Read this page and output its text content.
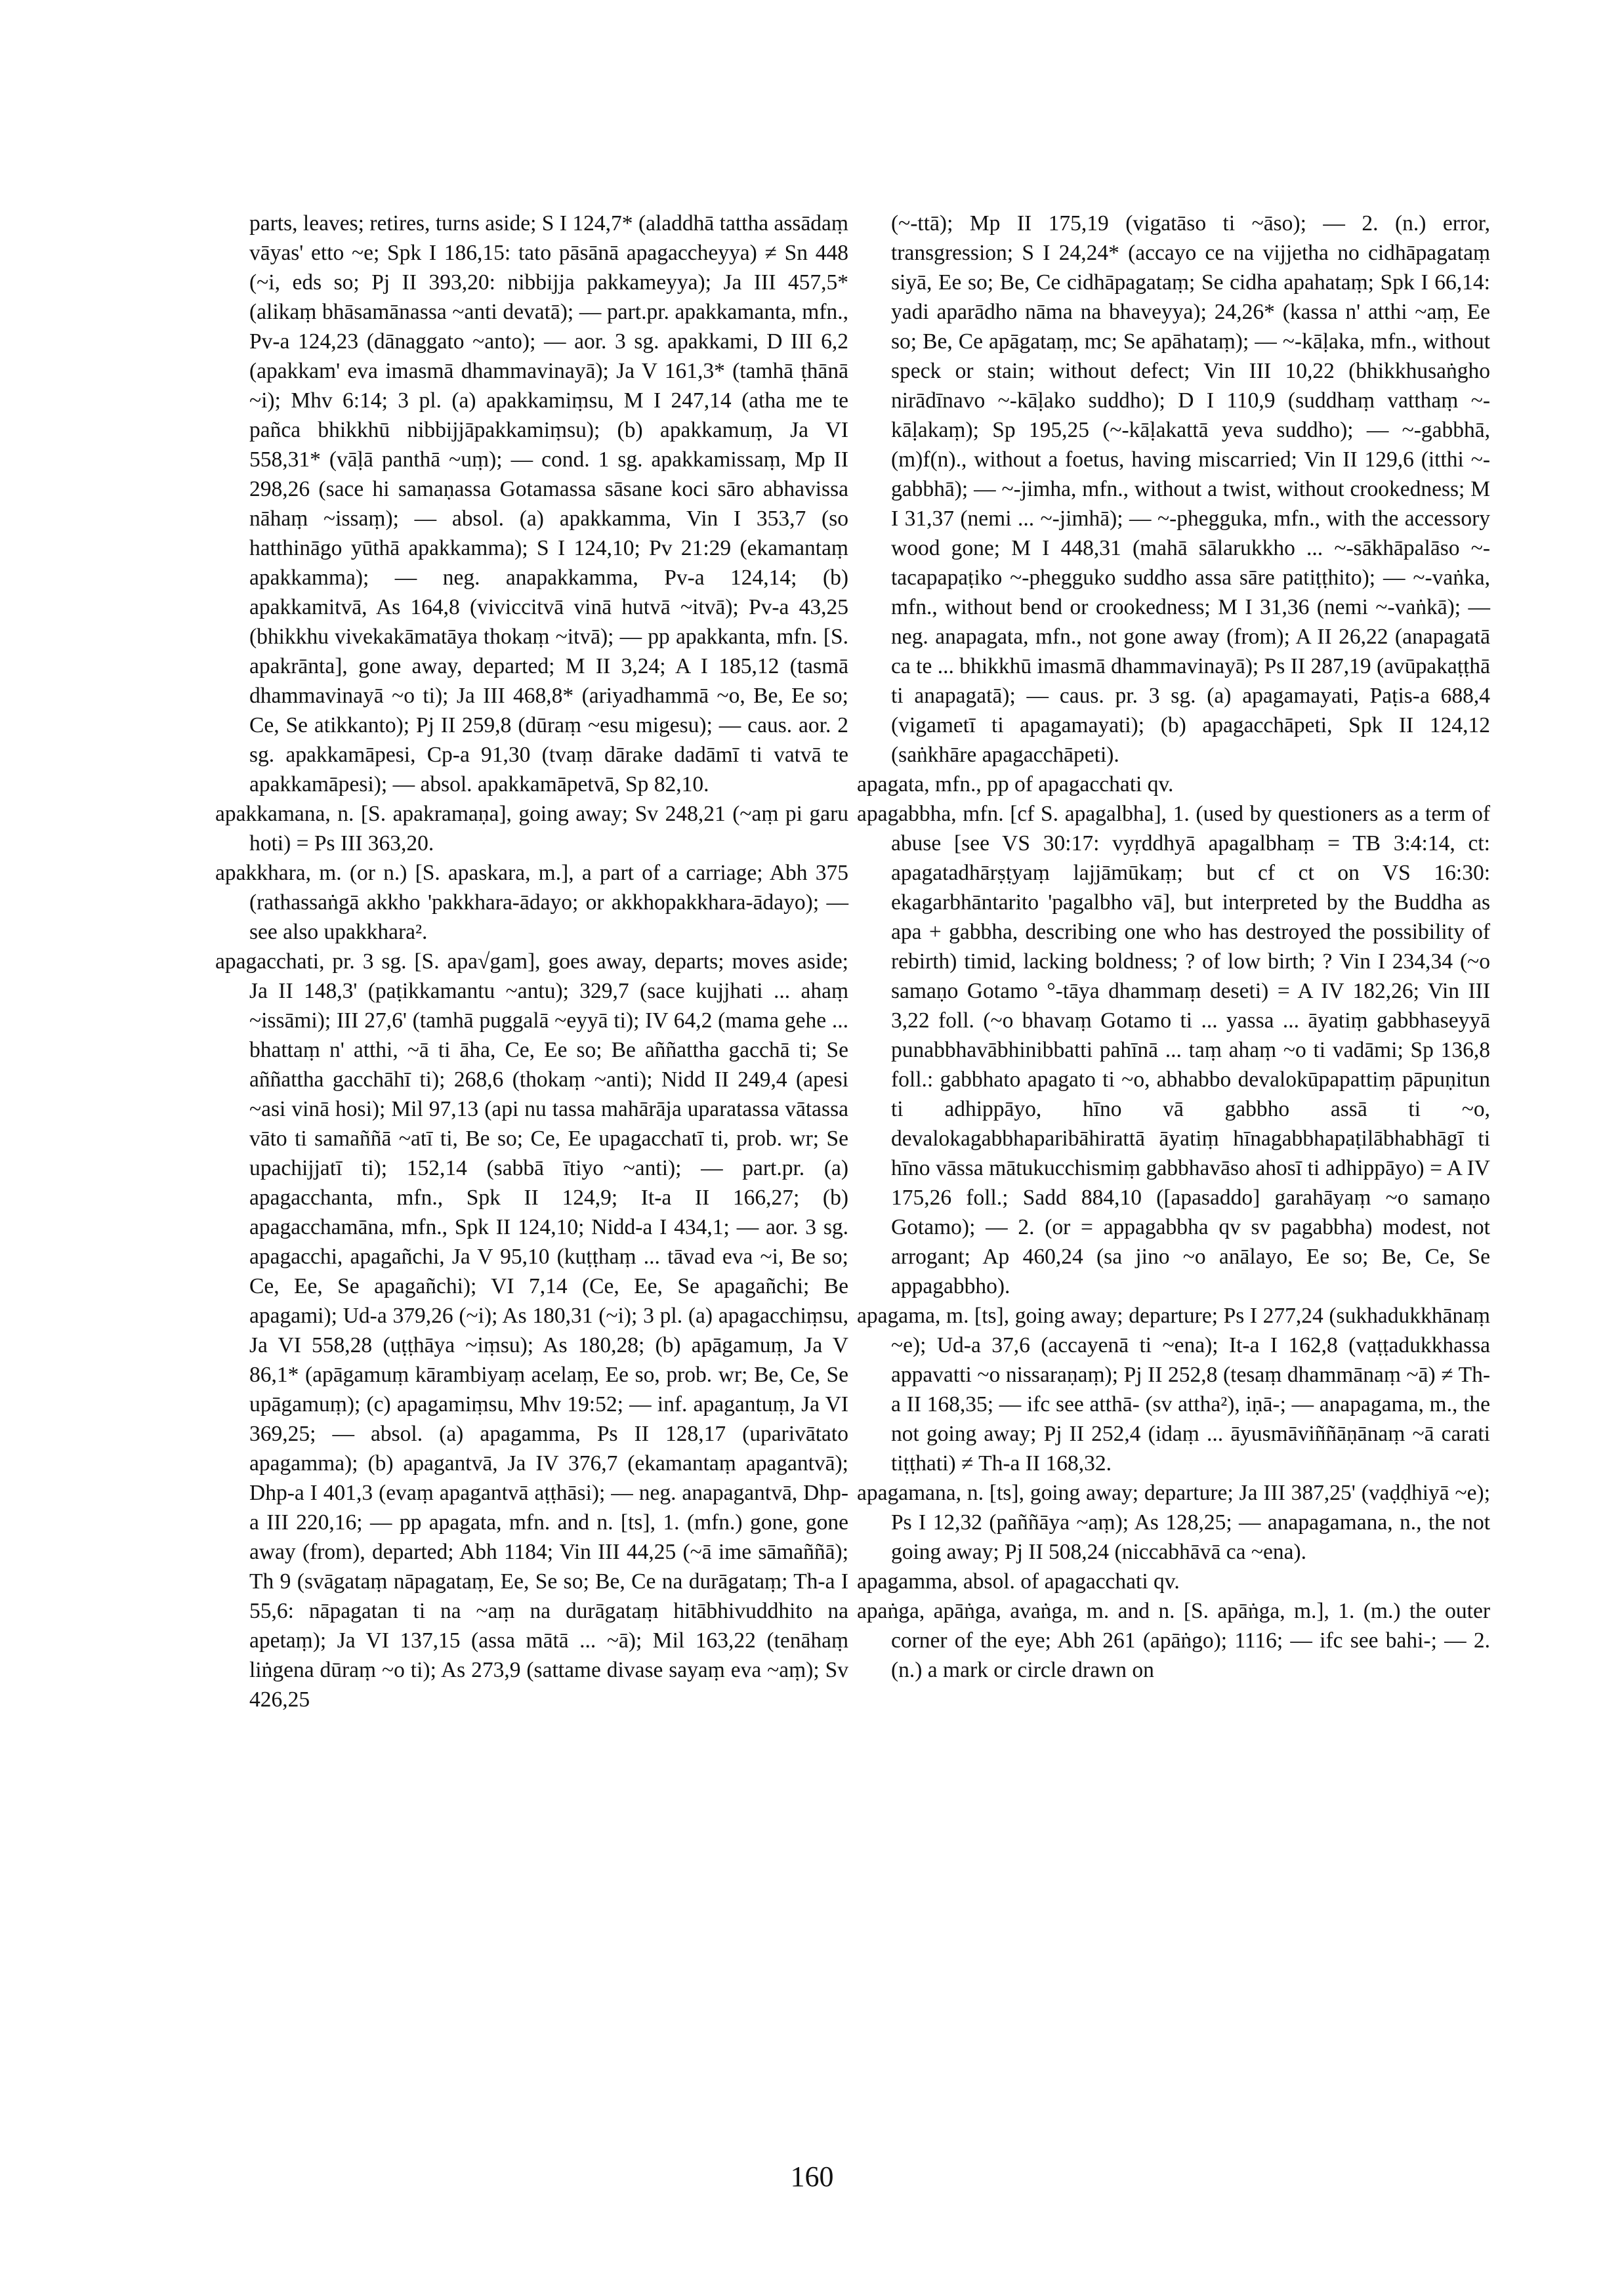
parts, leaves; retires, turns aside; S I 124,7* (aladdhā tattha assādaṃ vāyas' etto ~e; Spk I 186,15: tato pāsānā apagaccheyya) ≠ Sn 448 (~i, eds so; Pj II 393,20: nibbijja pakkameyya); Ja III 457,5* (alikaṃ bhāsamānassa ~anti devatā); — part.pr. apakkamanta, mfn., Pv-a 124,23 (dānaggato ~anto); — aor. 3 sg. apakkami, D III 6,2 (apakkam' eva imasmā dhammavinayā); Ja V 161,3* (tamhā ṭhānā ~i); Mhv 6:14; 3 pl. (a) apakkamiṃsu, M I 247,14 (atha me te pañca bhikkhū nibbijjāpakkamiṃsu); (b) apakkamuṃ, Ja VI 558,31* (vāḷā panthā ~uṃ); — cond. 1 sg. apakkamissaṃ, Mp II 298,26 (sace hi samaṇassa Gotamassa sāsane koci sāro abhavissa nāhaṃ ~issaṃ); — absol. (a) apakkamma, Vin I 353,7 (so hatthināgo yūthā apakkamma); S I 124,10; Pv 21:29 (ekamantaṃ apakkamma); — neg. anapakkamma, Pv-a 124,14; (b) apakkamitvā, As 164,8 (viviccitvā vinā hutvā ~itvā); Pv-a 43,25 (bhikkhu vivekakāmatāya thokaṃ ~itvā); — pp apakkanta, mfn. [S. apakrānta], gone away, departed; M II 3,24; A I 185,12 (tasmā dhammavinayā ~o ti); Ja III 468,8* (ariyadhammā ~o, Be, Ee so; Ce, Se atikkanto); Pj II 259,8 (dūraṃ ~esu migesu); — caus. aor. 2 sg. apakkamāpesi, Cp-a 91,30 (tvaṃ dārake dadāmī ti vatvā te apakkamāpesi); — absol. apakkamāpetvā, Sp 82,10.

apakkamana, n. [S. apakramaṇa], going away; Sv 248,21 (~aṃ pi garu hoti) = Ps III 363,20.

apakkhara, m. (or n.) [S. apaskara, m.], a part of a carriage; Abh 375 (rathassaṅgā akkho 'pakkhara-ādayo; or akkhopakkhara-ādayo); — see also upakkhara².

apagacchati, pr. 3 sg. [S. apa√gam], goes away, departs; moves aside; Ja II 148,3' (paṭikkamantu ~antu); 329,7 (sace kujjhati ... ahaṃ ~issāmi); III 27,6' (tamhā puggalā ~eyyā ti); IV 64,2 (mama gehe ... bhattaṃ n' atthi, ~ā ti āha, Ce, Ee so; Be aññattha gacchā ti; Se aññattha gacchāhī ti); 268,6 (thokaṃ ~anti); Nidd II 249,4 (apesi ~asi vinā hosi); Mil 97,13 (api nu tassa mahārāja uparatassa vātassa vāto ti samaññā ~atī ti, Be so; Ce, Ee upagacchatī ti, prob. wr; Se upachijjatī ti); 152,14 (sabbā ītiyo ~anti); — part.pr. (a) apagacchanta, mfn., Spk II 124,9; It-a II 166,27; (b) apagacchamāna, mfn., Spk II 124,10; Nidd-a I 434,1; — aor. 3 sg. apagacchi, apagañchi, Ja V 95,10 (kuṭṭhaṃ ... tāvad eva ~i, Be so; Ce, Ee, Se apagañchi); VI 7,14 (Ce, Ee, Se apagañchi; Be apagami); Ud-a 379,26 (~i); As 180,31 (~i); 3 pl. (a) apagacchiṃsu, Ja VI 558,28 (uṭṭhāya ~iṃsu); As 180,28; (b) apāgamuṃ, Ja V 86,1* (apāgamuṃ kārambiyaṃ acelaṃ, Ee so, prob. wr; Be, Ce, Se upāgamuṃ); (c) apagamiṃsu, Mhv 19:52; — inf. apagantuṃ, Ja VI 369,25; — absol. (a) apagamma, Ps II 128,17 (uparivātato apagamma); (b) apagantvā, Ja IV 376,7 (ekamantaṃ apagantvā); Dhp-a I 401,3 (evaṃ apagantvā aṭṭhāsi); — neg. anapagantvā, Dhp-a III 220,16; — pp apagata, mfn. and n. [ts], 1. (mfn.) gone, gone away (from), departed; Abh 1184; Vin III 44,25 (~ā ime sāmaññā); Th 9 (svāgataṃ nāpagataṃ, Ee, Se so; Be, Ce na durāgataṃ; Th-a I 55,6: nāpagatan ti na ~aṃ na durāgataṃ hitābhivuddhito na apetaṃ); Ja VI 137,15 (assa mātā ... ~ā); Mil 163,22 (tenāhaṃ liṅgena dūraṃ ~o ti); As 273,9 (sattame divase sayaṃ eva ~aṃ); Sv 426,25

(~-ttā); Mp II 175,19 (vigatāso ti ~āso); — 2. (n.) error, transgression; S I 24,24* (accayo ce na vijjetha no cidhāpagataṃ siyā, Ee so; Be, Ce cidhāpagataṃ; Se cidha apahataṃ; Spk I 66,14: yadi aparādho nāma na bhaveyya); 24,26* (kassa n' atthi ~aṃ, Ee so; Be, Ce apāgataṃ, mc; Se apāhataṃ); — ~-kāḷaka, mfn., without speck or stain; without defect; Vin III 10,22 (bhikkhusaṅgho nirādīnavo ~-kāḷako suddho); D I 110,9 (suddhaṃ vatthaṃ ~-kāḷakaṃ); Sp 195,25 (~-kāḷakattā yeva suddho); — ~-gabbhā, (m)f(n)., without a foetus, having miscarried; Vin II 129,6 (itthi ~-gabbhā); — ~-jimha, mfn., without a twist, without crookedness; M I 31,37 (nemi ... ~-jimhā); — ~-phegguka, mfn., with the accessory wood gone; M I 448,31 (mahā sālarukkho ... ~-sākhāpalāso ~-tacapapaṭiko ~-phegguko suddho assa sāre patiṭṭhito); — ~-vaṅka, mfn., without bend or crookedness; M I 31,36 (nemi ~-vaṅkā); — neg. anapagata, mfn., not gone away (from); A II 26,22 (anapagatā ca te ... bhikkhū imasmā dhammavinayā); Ps II 287,19 (avūpakaṭṭhā ti anapagatā); — caus. pr. 3 sg. (a) apagamayati, Paṭis-a 688,4 (vigametī ti apagamayati); (b) apagacchāpeti, Spk II 124,12 (saṅkhāre apagacchāpeti).

apagata, mfn., pp of apagacchati qv.

apagabbha, mfn. [cf S. apagalbha], 1. (used by questioners as a term of abuse [see VS 30:17: vyṛddhyā apagalbhaṃ = TB 3:4:14, ct: apagatadhārṣṭyaṃ lajjāmūkaṃ; but cf ct on VS 16:30: ekagarbhāntarito 'pagalbho vā], but interpreted by the Buddha as apa + gabbha, describing one who has destroyed the possibility of rebirth) timid, lacking boldness; ? of low birth; ? Vin I 234,34 (~o samaṇo Gotamo °-tāya dhammaṃ deseti) = A IV 182,26; Vin III 3,22 foll. (~o bhavaṃ Gotamo ti ... yassa ... āyatiṃ gabbhaseyyā punabbhavābhinibbatti pahīnā ... taṃ ahaṃ ~o ti vadāmi; Sp 136,8 foll.: gabbhato apagato ti ~o, abhabbo devalokūpapattiṃ pāpuṇitun ti adhippāyo, hīno vā gabbho assā ti ~o, devalokagabbhaparibāhirattā āyatiṃ hīnagabbhapaṭilābhabhāgī ti hīno vāssa mātukucchismiṃ gabbhavāso ahosī ti adhippāyo) = A IV 175,26 foll.; Sadd 884,10 ([apasaddo] garahāyaṃ ~o samaṇo Gotamo); — 2. (or = appagabbha qv sv pagabbha) modest, not arrogant; Ap 460,24 (sa jino ~o anālayo, Ee so; Be, Ce, Se appagabbho).

apagama, m. [ts], going away; departure; Ps I 277,24 (sukhadukkhānaṃ ~e); Ud-a 37,6 (accayenā ti ~ena); It-a I 162,8 (vaṭṭadukkhassa appavatti ~o nissaraṇaṃ); Pj II 252,8 (tesaṃ dhammānaṃ ~ā) ≠ Th-a II 168,35; — ifc see atthā- (sv attha²), iṇā-; — anapagama, m., the not going away; Pj II 252,4 (idaṃ ... āyusmāviññāṇānaṃ ~ā carati tiṭṭhati) ≠ Th-a II 168,32.

apagamana, n. [ts], going away; departure; Ja III 387,25' (vaḍḍhiyā ~e); Ps I 12,32 (paññāya ~aṃ); As 128,25; — anapagamana, n., the not going away; Pj II 508,24 (niccabhāvā ca ~ena).

apagamma, absol. of apagacchati qv.

apaṅga, apāṅga, avaṅga, m. and n. [S. apāṅga, m.], 1. (m.) the outer corner of the eye; Abh 261 (apāṅgo); 1116; — ifc see bahi-; — 2. (n.) a mark or circle drawn on

160
